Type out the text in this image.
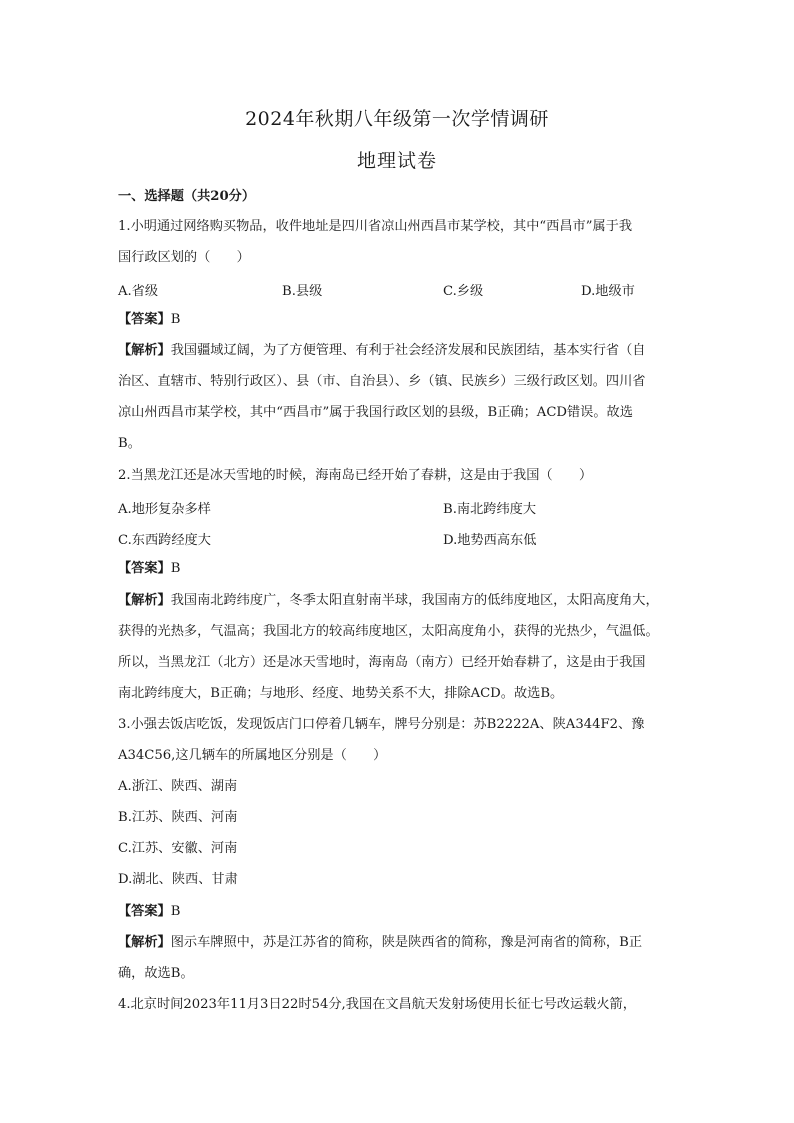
2024年秋期八年级第一次学情调研
地理试卷
一、选择题（共20分）
1.小明通过网络购买物品，收件地址是四川省凉山州西昌市某学校，其中“西昌市”属于我
国行政区划的（　　）
A.省级	B.县级	C.乡级	D.地级市
【答案】B
【解析】我国疆域辽阔，为了方便管理、有利于社会经济发展和民族团结，基本实行省（自
治区、直辖市、特别行政区）、县（市、自治县）、乡（镇、民族乡）三级行政区划。四川省
凉山州西昌市某学校，其中“西昌市”属于我国行政区划的县级，B正确；ACD错误。故选
B。
2.当黑龙江还是冰天雪地的时候，海南岛已经开始了春耕，这是由于我国（　　）
A.地形复杂多样	B.南北跨纬度大
C.东西跨经度大	D.地势西高东低
【答案】B
【解析】我国南北跨纬度广，冬季太阳直射南半球，我国南方的低纬度地区，太阳高度角大，
获得的光热多，气温高；我国北方的较高纬度地区，太阳高度角小，获得的光热少，气温低。
所以，当黑龙江（北方）还是冰天雪地时，海南岛（南方）已经开始春耕了，这是由于我国
南北跨纬度大，B正确；与地形、经度、地势关系不大，排除ACD。故选B。
3.小强去饭店吃饭，发现饭店门口停着几辆车，牌号分别是：苏B2222A、陕A344F2、豫
A34C56,这几辆车的所属地区分别是（　　）
A.浙江、陕西、湖南
B.江苏、陕西、河南
C.江苏、安徽、河南
D.湖北、陕西、甘肃
【答案】B
【解析】图示车牌照中，苏是江苏省的简称，陕是陕西省的简称，豫是河南省的简称，B正
确，故选B。
4.北京时间2023年11月3日22时54分,我国在文昌航天发射场使用长征七号改运载火箭，
